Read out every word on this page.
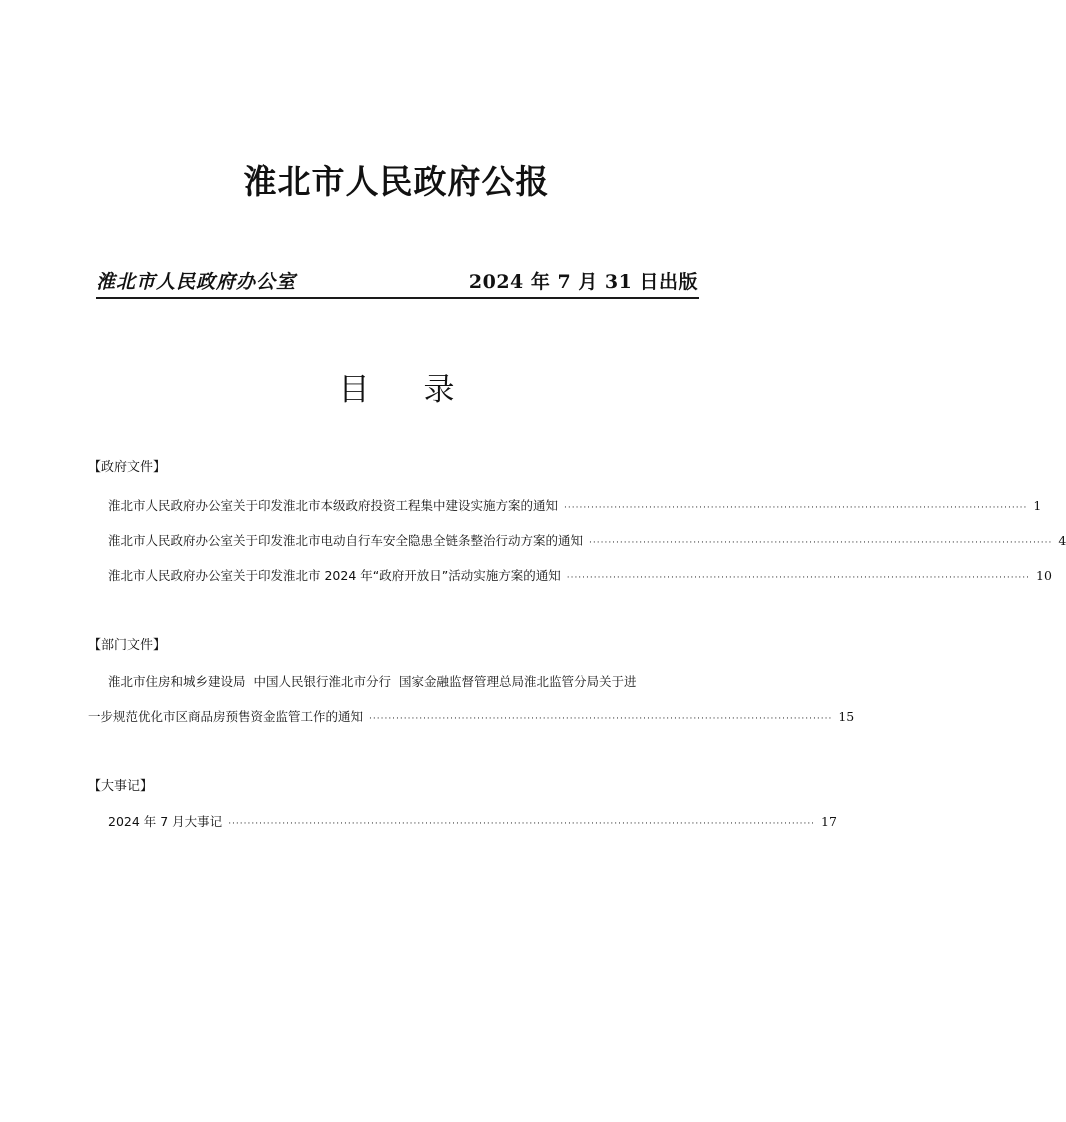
淮北市人民政府公报
淮北市人民政府办公室	2024 年 7 月 31 日出版
目 录
【政府文件】
淮北市人民政府办公室关于印发淮北市本级政府投资工程集中建设实施方案的通知 ························································································································ 1
淮北市人民政府办公室关于印发淮北市电动自行车安全隐患全链条整治行动方案的通知 ························································································································ 4
淮北市人民政府办公室关于印发淮北市 2024 年“政府开放日”活动实施方案的通知 ························································································································ 10
【部门文件】
淮北市住房和城乡建设局 中国人民银行淮北市分行 国家金融监督管理总局淮北监管分局关于进
一步规范优化市区商品房预售资金监管工作的通知 ························································································································ 15
【大事记】
2024 年 7 月大事记 ························································································································································ 17
